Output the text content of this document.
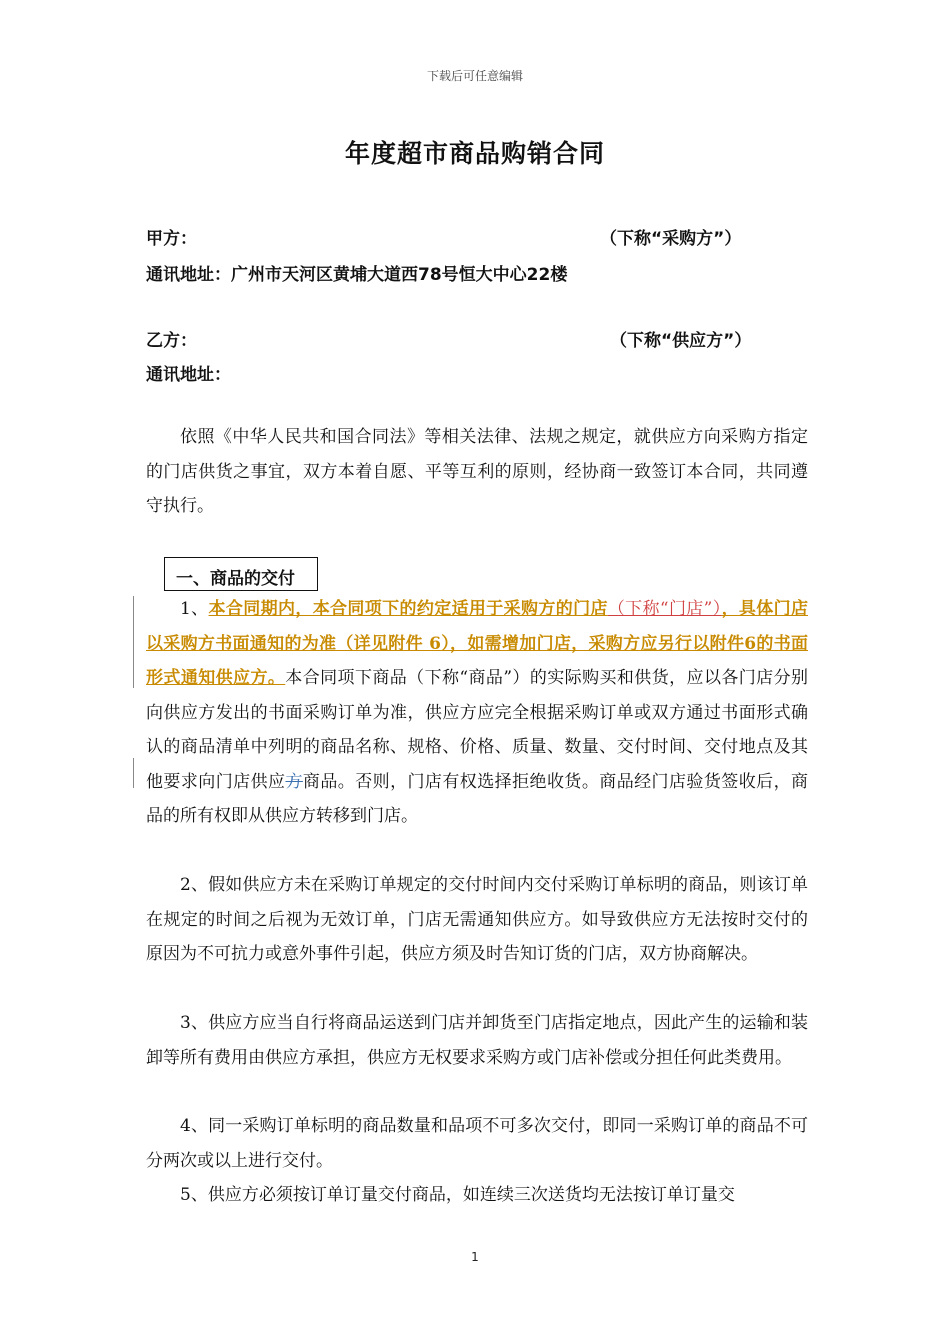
下载后可任意编辑
年度超市商品购销合同
甲方：	（下称“采购方”）
通讯地址：广州市天河区黄埔大道西78号恒大中心22楼
乙方：	（下称“供应方”）
通讯地址：

依照《中华人民共和国合同法》等相关法律、法规之规定，就供应方向采购方指定的门店供货之事宜，双方本着自愿、平等互利的原则，经协商一致签订本合同，共同遵守执行。

一、商品的交付

1、本合同期内，本合同项下的约定适用于采购方的门店（下称“门店”），具体门店以采购方书面通知的为准（详见附件 6），如需增加门店，采购方应另行以附件6的书面形式通知供应方。本合同项下商品（下称“商品”）的实际购买和供货，应以各门店分别向供应方发出的书面采购订单为准，供应方应完全根据采购订单或双方通过书面形式确认的商品清单中列明的商品名称、规格、价格、质量、数量、交付时间、交付地点及其他要求向门店供应方商品。否则，门店有权选择拒绝收货。商品经门店验货签收后，商品的所有权即从供应方转移到门店。

2、假如供应方未在采购订单规定的交付时间内交付采购订单标明的商品，则该订单在规定的时间之后视为无效订单，门店无需通知供应方。如导致供应方无法按时交付的原因为不可抗力或意外事件引起，供应方须及时告知订货的门店，双方协商解决。

3、供应方应当自行将商品运送到门店并卸货至门店指定地点，因此产生的运输和装卸等所有费用由供应方承担，供应方无权要求采购方或门店补偿或分担任何此类费用。

4、同一采购订单标明的商品数量和品项不可多次交付，即同一采购订单的商品不可分两次或以上进行交付。

5、供应方必须按订单订量交付商品，如连续三次送货均无法按订单订量交

1
